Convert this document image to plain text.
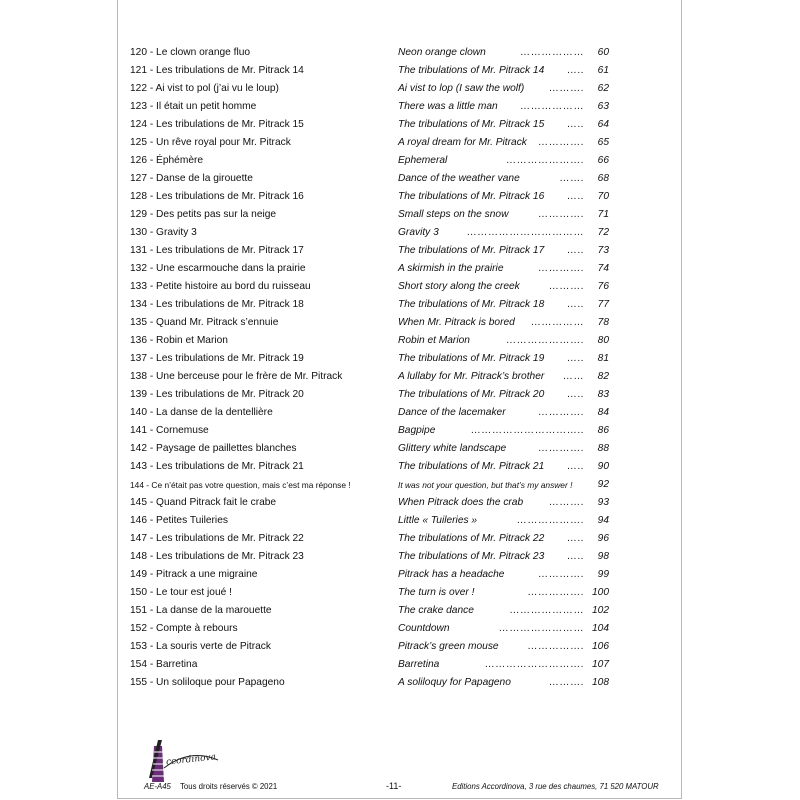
120 - Le clown orange fluo	Neon orange clown	……………… 60
121 - Les tribulations de Mr. Pitrack 14	The tribulations of Mr. Pitrack 14 ….. 61
122 - Ai vist to pol (j’ai vu le loup)	Ai vist to lop (I saw the wolf) ………. 62
123 - Il était un petit homme	There was a little man ……………… 63
124 - Les tribulations de Mr. Pitrack 15	The tribulations of Mr. Pitrack 15 ….. 64
125 - Un rêve royal pour Mr. Pitrack	A royal dream for Mr. Pitrack …………. 65
126 - Éphémère	Ephemeral	…………………. 66
127 - Danse de la girouette	Dance of the weather vane	……. 68
128 - Les tribulations de Mr. Pitrack 16	The tribulations of Mr. Pitrack 16 ….. 70
129 - Des petits pas sur la neige	Small steps on the snow	…………. 71
130 - Gravity 3	Gravity 3	…………………………… 72
131 - Les tribulations de Mr. Pitrack 17	The tribulations of Mr. Pitrack 17 ….. 73
132 - Une escarmouche dans la prairie	A skirmish in the prairie	…………. 74
133 - Petite histoire au bord du ruisseau	Short story along the creek	………. 76
134 - Les tribulations de Mr. Pitrack 18	The tribulations of Mr. Pitrack 18 ….. 77
135 - Quand Mr. Pitrack s’ennuie	When Mr. Pitrack is bored …………… 78
136 - Robin et Marion	Robin et Marion	…………………. 80
137 - Les tribulations de Mr. Pitrack 19	The tribulations of Mr. Pitrack 19 ….. 81
138 - Une berceuse pour le frère de Mr. Pitrack	A lullaby for Mr. Pitrack’s brother …… 82
139 - Les tribulations de Mr. Pitrack 20	The tribulations of Mr. Pitrack 20 ….. 83
140 - La danse de la dentellière	Dance of the lacemaker	…………. 84
141 - Cornemuse	Bagpipe	………………………….. 86
142 - Paysage de paillettes blanches	Glittery white landscape	…………. 88
143 - Les tribulations de Mr. Pitrack 21	The tribulations of Mr. Pitrack 21 ….. 90
144 - Ce n’était pas votre question, mais c’est ma réponse !	It was not your question, but that’s my answer ! 92
145 - Quand Pitrack fait le crabe	When Pitrack does the crab ………. 93
146 - Petites Tuileries	Little « Tuileries »	………………. 94
147 - Les tribulations de Mr. Pitrack 22	The tribulations of Mr. Pitrack 22 ….. 96
148 - Les tribulations de Mr. Pitrack 23	The tribulations of Mr. Pitrack 23 ….. 98
149 - Pitrack a une migraine	Pitrack has a headache	…………. 99
150 - Le tour est joué !	The turn is over !	……………. 100
151 - La danse de la marouette	The crake dance	………………… 102
152 - Compte à rebours	Countdown	…………………… 104
153 - La souris verte de Pitrack	Pitrack’s green mouse	……………. 106
154 - Barretina	Barretina	………………………. 107
155 - Un soliloque pour Papageno	A soliloquy for Papageno	………. 108
ccordinova
AE-A45 Tous droits réservés © 2021	-11-	Editions Accordinova, 3 rue des chaumes, 71 520 MATOUR
